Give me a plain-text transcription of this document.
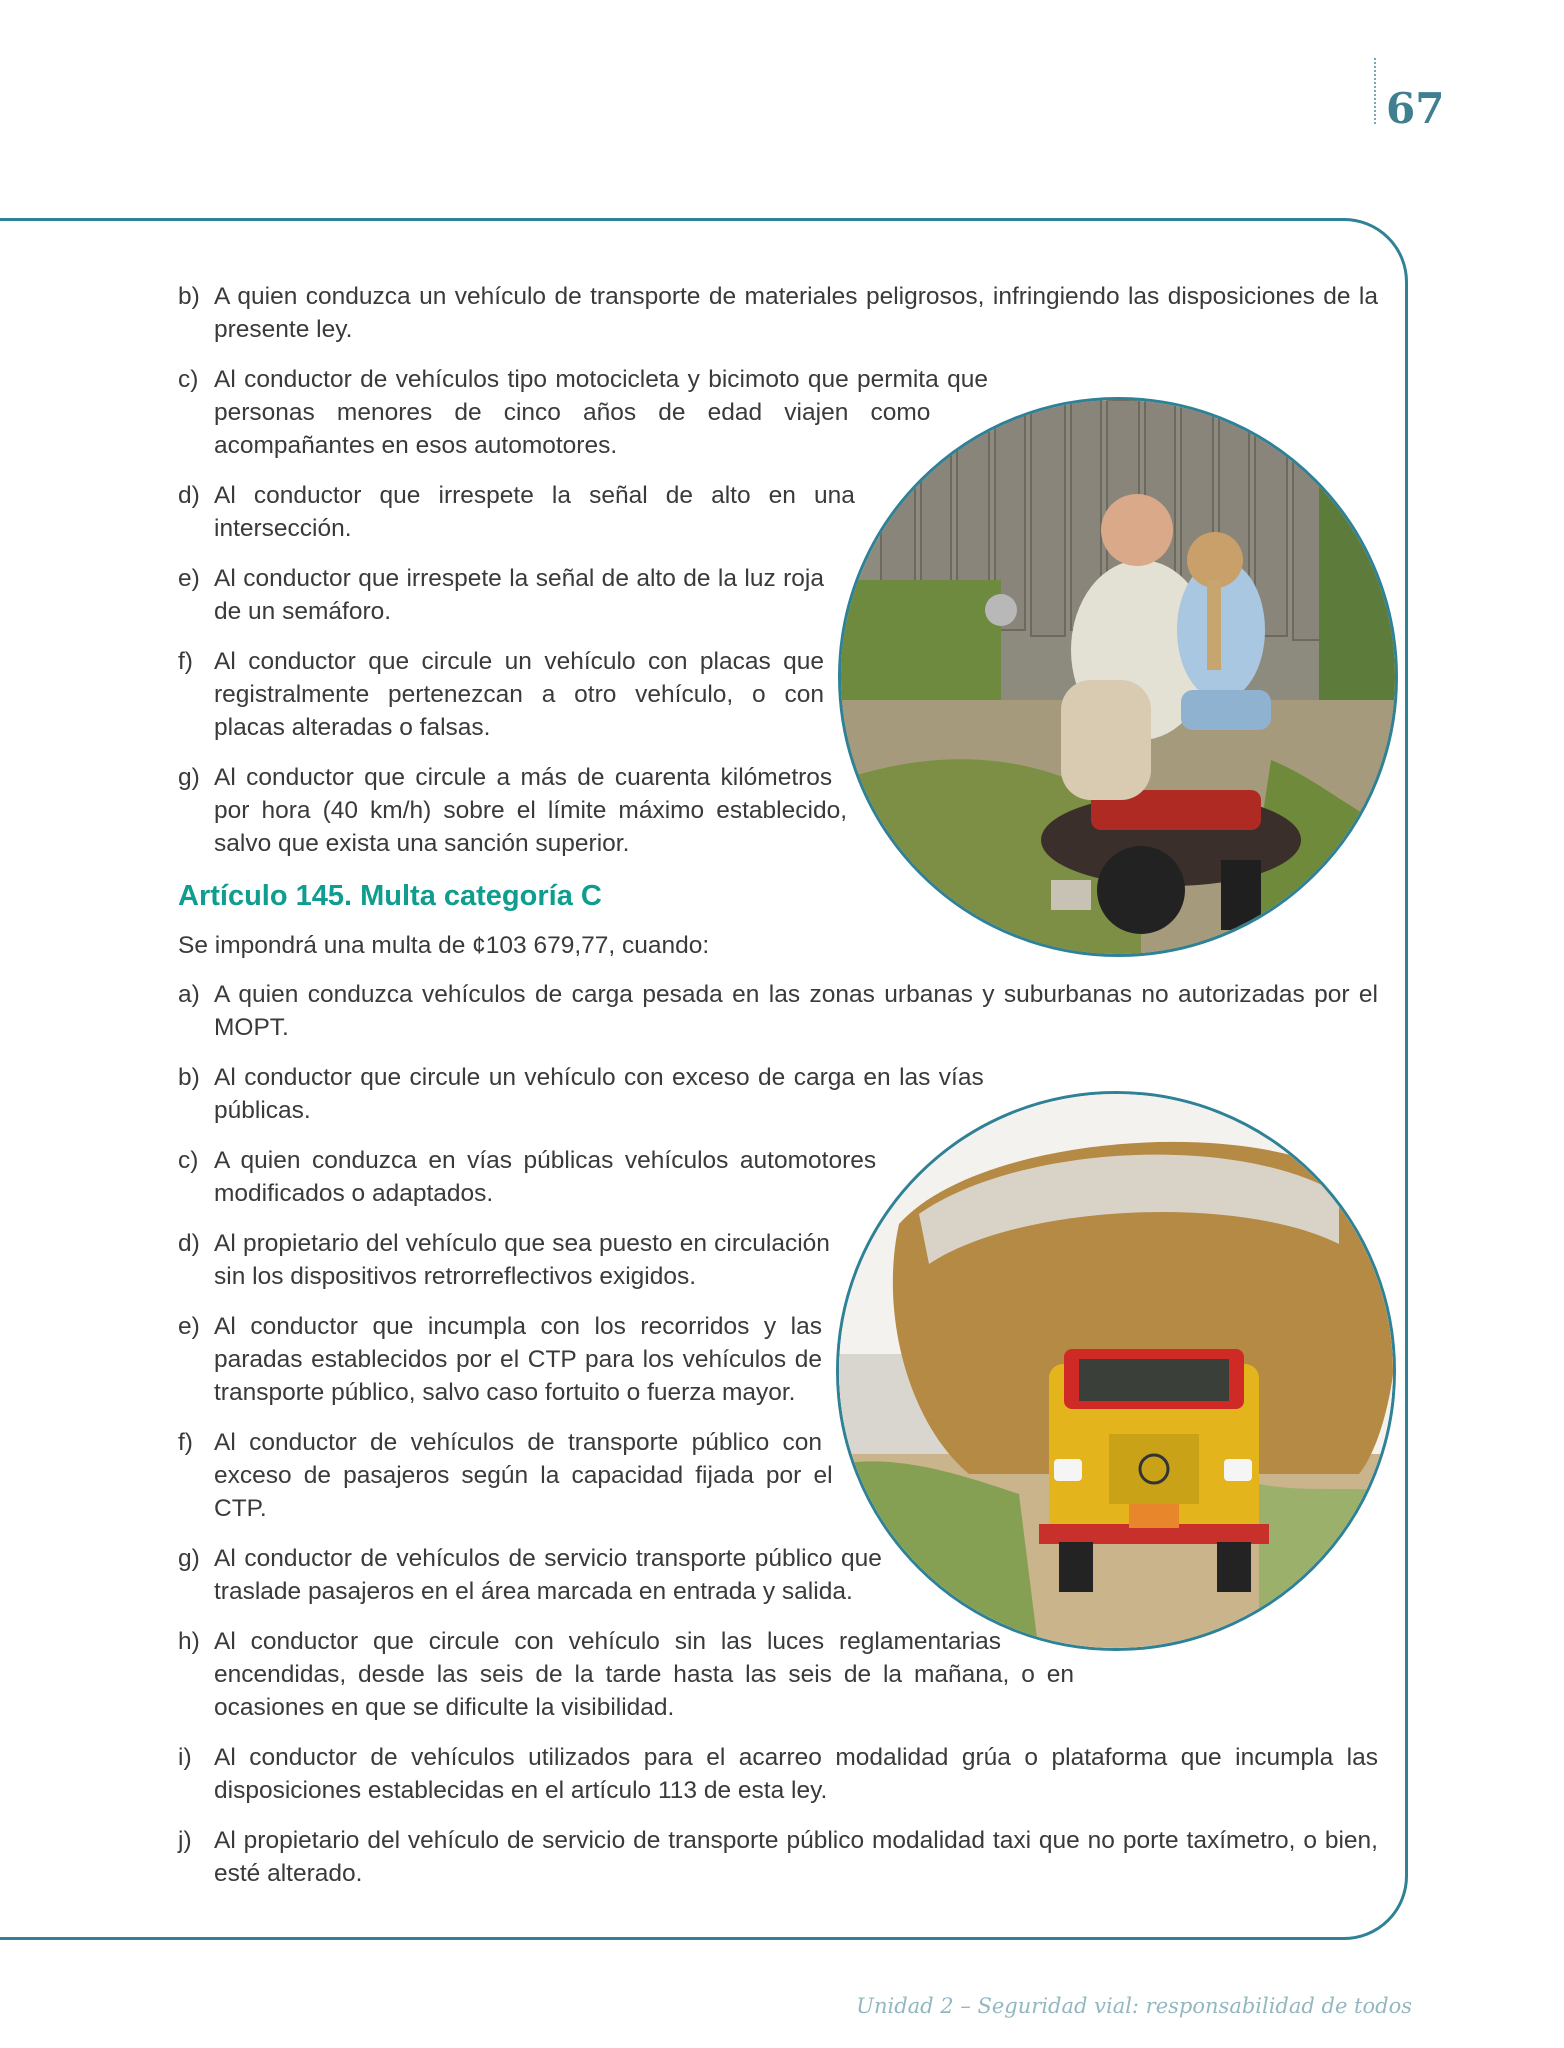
67
b) A quien conduzca un vehículo de transporte de materiales peligrosos, infringiendo las disposiciones de la presente ley.
c) Al conductor de vehículos tipo motocicleta y bicimoto que permita que personas menores de cinco años de edad viajen como acompañantes en esos automotores.
d) Al conductor que irrespete la señal de alto en una intersección.
e) Al conductor que irrespete la señal de alto de la luz roja de un semáforo.
f) Al conductor que circule un vehículo con placas que registralmente pertenezcan a otro vehículo, o con placas alteradas o falsas.
g) Al conductor que circule a más de cuarenta kilómetros por hora (40 km/h) sobre el límite máximo establecido, salvo que exista una sanción superior.
Artículo 145. Multa categoría C
Se impondrá una multa de ¢103 679,77, cuando:
a) A quien conduzca vehículos de carga pesada en las zonas urbanas y suburbanas no autorizadas por el MOPT.
b) Al conductor que circule un vehículo con exceso de carga en las vías públicas.
c) A quien conduzca en vías públicas vehículos automotores modificados o adaptados.
d) Al propietario del vehículo que sea puesto en circulación sin los dispositivos retrorreflectivos exigidos.
e) Al conductor que incumpla con los recorridos y las paradas establecidos por el CTP para los vehículos de transporte público, salvo caso fortuito o fuerza mayor.
f) Al conductor de vehículos de transporte público con exceso de pasajeros según la capacidad fijada por el CTP.
g) Al conductor de vehículos de servicio transporte público que traslade pasajeros en el área marcada en entrada y salida.
h) Al conductor que circule con vehículo sin las luces reglamentarias encendidas, desde las seis de la tarde hasta las seis de la mañana, o en ocasiones en que se dificulte la visibilidad.
i) Al conductor de vehículos utilizados para el acarreo modalidad grúa o plataforma que incumpla las disposiciones establecidas en el artículo 113 de esta ley.
j) Al propietario del vehículo de servicio de transporte público modalidad taxi que no porte taxímetro, o bien, esté alterado.
Unidad 2 – Seguridad vial: responsabilidad de todos
